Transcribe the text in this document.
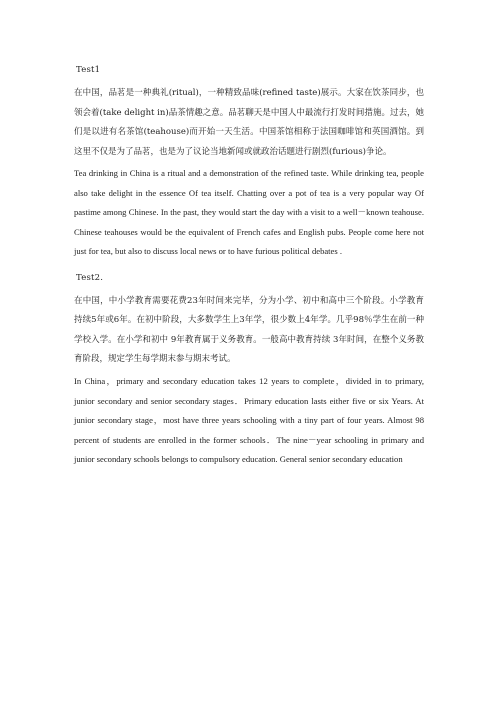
Test1

在中国，品茗是一种典礼(ritual)，一种精致品味(refined taste)展示。大家在饮茶同步，也领会着(take delight in)品茶情趣之意。品茗聊天是中国人中最流行打发时间措施。过去，她们是以进有名茶馆(teahouse)而开始一天生活。中国茶馆相称于法国咖啡馆和英国酒馆。到这里不仅是为了品茗，也是为了议论当地新闻或就政治话题进行剧烈(furious)争论。

Tea drinking in China is a ritual and a demonstration of the refined taste. While drinking tea, people also take delight in the essence Of tea itself. Chatting over a pot of tea is a very popular way Of pastime among Chinese. In the past, they would start the day with a visit to a well－known teahouse. Chinese teahouses would be the equivalent of French cafes and English pubs. People come here not just for tea, but also to discuss local news or to have furious political debates .

Test2.

在中国，中小学教育需要花费23年时间来完毕，分为小学、初中和高中三个阶段。小学教育持续5年或6年。在初中阶段，大多数学生上3年学，很少数上4年学。几乎98％学生在前一种学校入学。在小学和初中 9年教育属于义务教育。一般高中教育持续 3年时间，在整个义务教育阶段，规定学生每学期末参与期末考试。

In China，primary and secondary education takes 12 years to complete，divided in to primary, junior secondary and senior secondary stages．Primary education lasts either five or six Years. At junior secondary stage，most have three years schooling with a tiny part of four years. Almost 98 percent of students are enrolled in the former schools．The nine－year schooling in primary and junior secondary schools belongs to compulsory education. General senior secondary education
